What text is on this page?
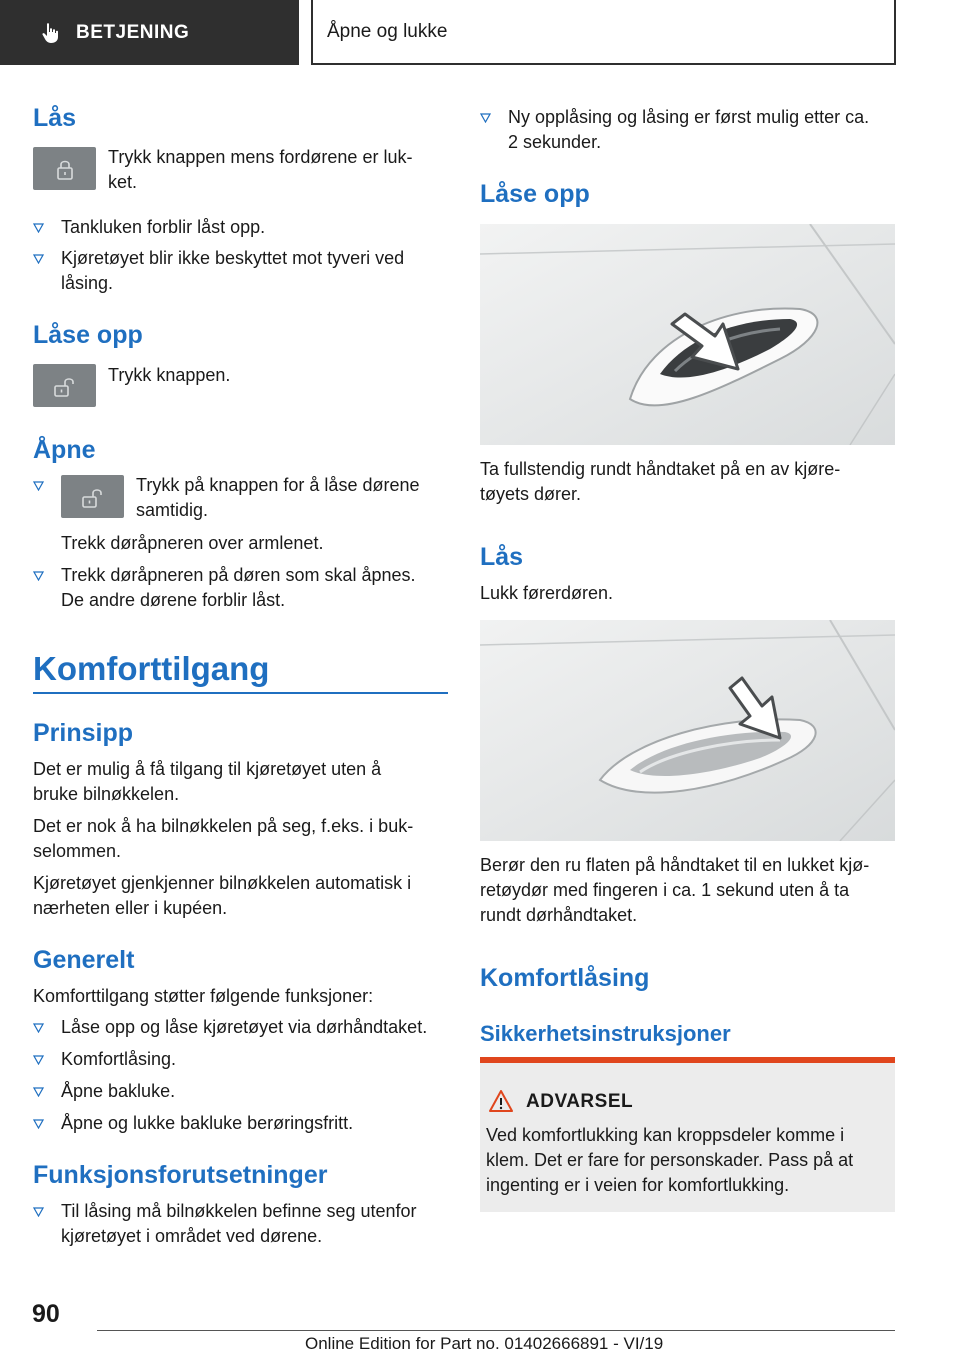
BETJENING	Åpne og lukke
Lås
Trykk knappen mens fordørene er luk-
ket.
Tankluken forblir låst opp.
Kjøretøyet blir ikke beskyttet mot tyveri ved
låsing.
Låse opp
Trykk knappen.
Åpne
Trykk på knappen for å låse dørene
samtidig.
Trekk døråpneren over armlenet.
Trekk døråpneren på døren som skal åpnes.
De andre dørene forblir låst.
Komforttilgang
Prinsipp
Det er mulig å få tilgang til kjøretøyet uten å
bruke bilnøkkelen.
Det er nok å ha bilnøkkelen på seg, f.eks. i buk-
selommen.
Kjøretøyet gjenkjenner bilnøkkelen automatisk i
nærheten eller i kupéen.
Generelt
Komforttilgang støtter følgende funksjoner:
Låse opp og låse kjøretøyet via dørhåndtaket.
Komfortlåsing.
Åpne bakluke.
Åpne og lukke bakluke berøringsfritt.
Funksjonsforutsetninger
Til låsing må bilnøkkelen befinne seg utenfor
kjøretøyet i området ved dørene.
Ny opplåsing og låsing er først mulig etter ca.
2 sekunder.
Låse opp
Ta fullstendig rundt håndtaket på en av kjøre-
tøyets dører.
Lås
Lukk førerdøren.
Berør den ru flaten på håndtaket til en lukket kjø-
retøydør med fingeren i ca. 1 sekund uten å ta
rundt dørhåndtaket.
Komfortlåsing
Sikkerhetsinstruksjoner
ADVARSEL
Ved komfortlukking kan kroppsdeler komme i
klem. Det er fare for personskader. Pass på at
ingenting er i veien for komfortlukking.
90
Online Edition for Part no. 01402666891 - VI/19
